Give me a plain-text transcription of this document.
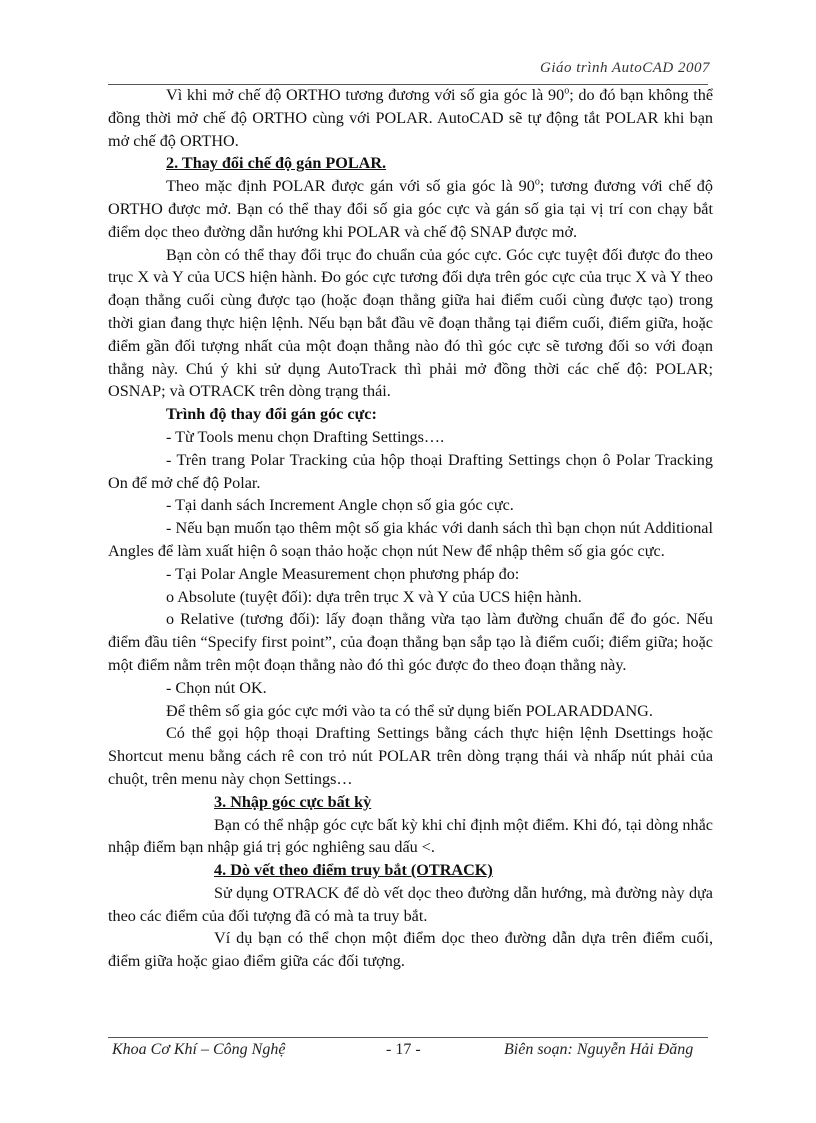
Giáo trình AutoCAD 2007

Vì khi mở chế độ ORTHO tương đương với số gia góc là 90$^o$; do đó bạn không thể đồng thời mở chế độ ORTHO cùng với POLAR. AutoCAD sẽ tự động tắt POLAR khi bạn mở chế độ ORTHO.

2. Thay đổi chế độ gán POLAR.

Theo mặc định POLAR được gán với số gia góc là 90$^o$; tương đương với chế độ ORTHO được mở. Bạn có thể thay đổi số gia góc cực và gán số gia tại vị trí con chạy bắt điểm dọc theo đường dẫn hướng khi POLAR và chế độ SNAP được mở.

Bạn còn có thể thay đổi trục đo chuẩn của góc cực. Góc cực tuyệt đối được đo theo trục X và Y của UCS hiện hành. Đo góc cực tương đối dựa trên góc cực của trục X và Y theo đoạn thẳng cuối cùng được tạo (hoặc đoạn thẳng giữa hai điểm cuối cùng được tạo) trong thời gian đang thực hiện lệnh. Nếu bạn bắt đầu vẽ đoạn thẳng tại điểm cuối, điểm giữa, hoặc điểm gần đối tượng nhất của một đoạn thẳng nào đó thì góc cực sẽ tương đối so với đoạn thẳng này. Chú ý khi sử dụng AutoTrack thì phải mở đồng thời các chế độ: POLAR; OSNAP; và OTRACK trên dòng trạng thái.

Trình độ thay đổi gán góc cực:

- Từ Tools menu chọn Drafting Settings….

- Trên trang Polar Tracking của hộp thoại Drafting Settings chọn ô Polar Tracking On để mở chế độ Polar.

- Tại danh sách Increment Angle chọn số gia góc cực.

- Nếu bạn muốn tạo thêm một số gia khác với danh sách thì bạn chọn nút Additional Angles để làm xuất hiện ô soạn thảo hoặc chọn nút New để nhập thêm số gia góc cực.

- Tại Polar Angle Measurement chọn phương pháp đo:

o Absolute (tuyệt đối): dựa trên trục X và Y của UCS hiện hành.

o Relative (tương đối): lấy đoạn thẳng vừa tạo làm đường chuẩn để đo góc. Nếu điểm đầu tiên “Specify first point”, của đoạn thẳng bạn sắp tạo là điểm cuối; điểm giữa; hoặc một điểm nằm trên một đoạn thẳng nào đó thì góc được đo theo đoạn thẳng này.

- Chọn nút OK.

Để thêm số gia góc cực mới vào ta có thể sử dụng biến POLARADDANG.

Có thể gọi hộp thoại Drafting Settings bằng cách thực hiện lệnh Dsettings hoặc Shortcut menu bằng cách rê con trỏ nút POLAR trên dòng trạng thái và nhấp nút phải của chuột, trên menu này chọn Settings…

3. Nhập góc cực bất kỳ

Bạn có thể nhập góc cực bất kỳ khi chỉ định một điểm. Khi đó, tại dòng nhắc nhập điểm bạn nhập giá trị góc nghiêng sau dấu <.

4. Dò vết theo điểm truy bắt (OTRACK)

Sử dụng OTRACK để dò vết dọc theo đường dẫn hướng, mà đường này dựa theo các điểm của đối tượng đã có mà ta truy bắt.

Ví dụ bạn có thể chọn một điểm dọc theo đường dẫn dựa trên điểm cuối, điểm giữa hoặc giao điểm giữa các đối tượng.

Khoa Cơ Khí – Công Nghệ	- 17 -	Biên soạn: Nguyễn Hải Đăng
